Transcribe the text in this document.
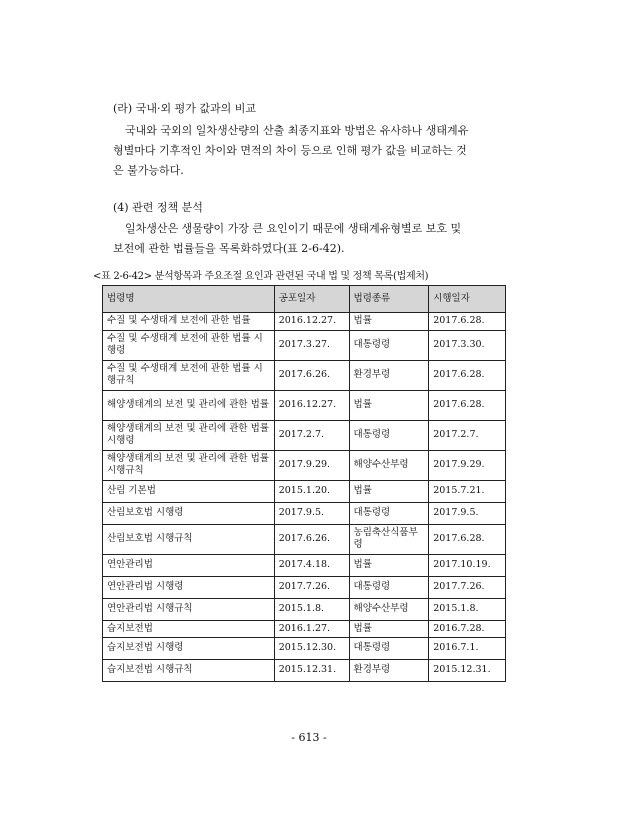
(라) 국내·외 평가 값과의 비교

국내와 국외의 일차생산량의 산출 최종지표와 방법은 유사하나 생태계유

형별마다 기후적인 차이와 면적의 차이 등으로 인해 평가 값을 비교하는 것

은 불가능하다.

(4) 관련 정책 분석

일차생산은 생물량이 가장 큰 요인이기 때문에 생태계유형별로 보호 및

보전에 관한 법률들을 목록화하였다(표 2-6-42).

<표 2-6-42> 분석항목과 주요조절 요인과 관련된 국내 법 및 정책 목록(법제처)
법령명	공포일자	법령종류	시행일자
수질 및 수생태계 보전에 관한 법률	2016.12.27.	법률	2017.6.28.
수질 및 수생태계 보전에 관한 법률 시행령	2017.3.27.	대통령령	2017.3.30.
수질 및 수생태계 보전에 관한 법률 시행규칙	2017.6.26.	환경부령	2017.6.28.
해양생태계의 보전 및 관리에 관한 법률	2016.12.27.	법률	2017.6.28.
해양생태계의 보전 및 관리에 관한 법률 시행령	2017.2.7.	대통령령	2017.2.7.
해양생태계의 보전 및 관리에 관한 법률 시행규칙	2017.9.29.	해양수산부령	2017.9.29.
산림 기본법	2015.1.20.	법률	2015.7.21.
산림보호법 시행령	2017.9.5.	대통령령	2017.9.5.
산림보호법 시행규칙	2017.6.26.	농림축산식품부령	2017.6.28.
연안관리법	2017.4.18.	법률	2017.10.19.
연안관리법 시행령	2017.7.26.	대통령령	2017.7.26.
연안관리법 시행규칙	2015.1.8.	해양수산부령	2015.1.8.
습지보전법	2016.1.27.	법률	2016.7.28.
습지보전법 시행령	2015.12.30.	대통령령	2016.7.1.
습지보전법 시행규칙	2015.12.31.	환경부령	2015.12.31.
- 613 -
